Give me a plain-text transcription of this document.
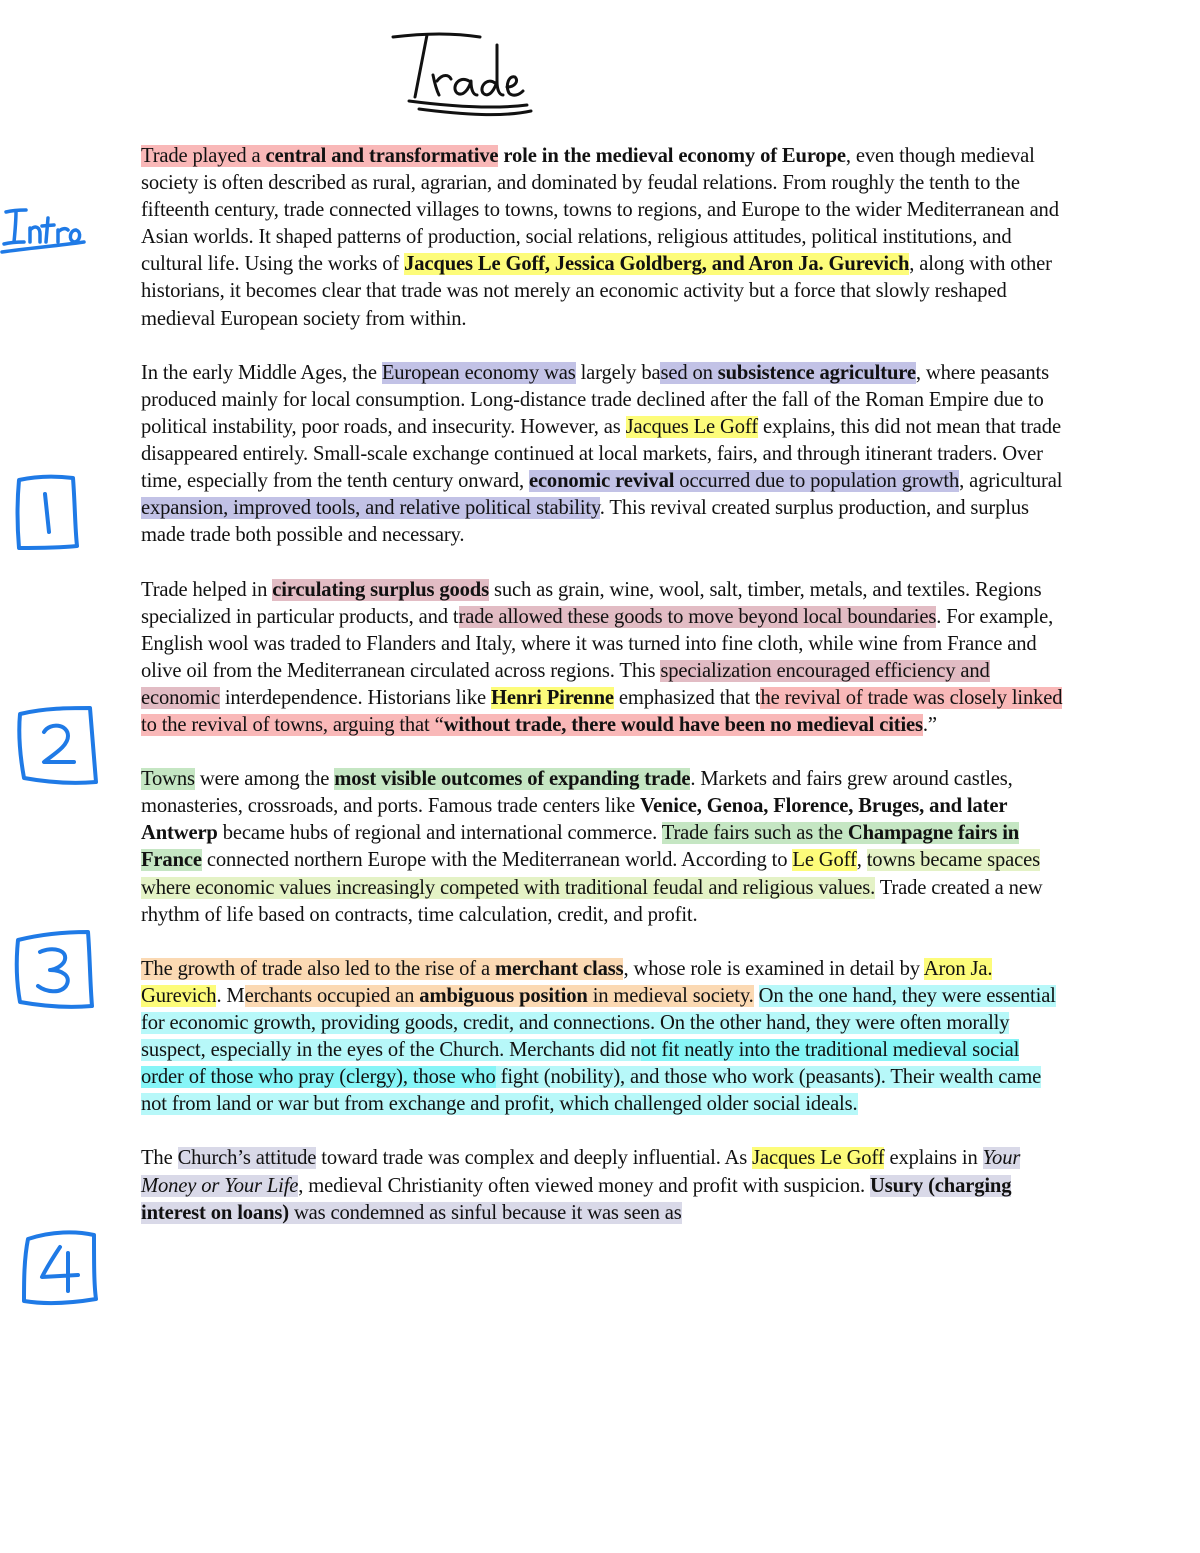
Trade
Intro
1
2
3
4

Trade played a central and transformative role in the medieval economy of Europe, even though medieval society is often described as rural, agrarian, and dominated by feudal relations. From roughly the tenth to the fifteenth century, trade connected villages to towns, towns to regions, and Europe to the wider Mediterranean and Asian worlds. It shaped patterns of production, social relations, religious attitudes, political institutions, and cultural life. Using the works of Jacques Le Goff, Jessica Goldberg, and Aron Ja. Gurevich, along with other historians, it becomes clear that trade was not merely an economic activity but a force that slowly reshaped medieval European society from within.

In the early Middle Ages, the European economy was largely based on subsistence agriculture, where peasants produced mainly for local consumption. Long-distance trade declined after the fall of the Roman Empire due to political instability, poor roads, and insecurity. However, as Jacques Le Goff explains, this did not mean that trade disappeared entirely. Small-scale exchange continued at local markets, fairs, and through itinerant traders. Over time, especially from the tenth century onward, economic revival occurred due to population growth, agricultural expansion, improved tools, and relative political stability. This revival created surplus production, and surplus made trade both possible and necessary.

Trade helped in circulating surplus goods such as grain, wine, wool, salt, timber, metals, and textiles. Regions specialized in particular products, and trade allowed these goods to move beyond local boundaries. For example, English wool was traded to Flanders and Italy, where it was turned into fine cloth, while wine from France and olive oil from the Mediterranean circulated across regions. This specialization encouraged efficiency and economic interdependence. Historians like Henri Pirenne emphasized that the revival of trade was closely linked to the revival of towns, arguing that “without trade, there would have been no medieval cities.”

Towns were among the most visible outcomes of expanding trade. Markets and fairs grew around castles, monasteries, crossroads, and ports. Famous trade centers like Venice, Genoa, Florence, Bruges, and later Antwerp became hubs of regional and international commerce. Trade fairs such as the Champagne fairs in France connected northern Europe with the Mediterranean world. According to Le Goff, towns became spaces where economic values increasingly competed with traditional feudal and religious values. Trade created a new rhythm of life based on contracts, time calculation, credit, and profit.

The growth of trade also led to the rise of a merchant class, whose role is examined in detail by Aron Ja. Gurevich. Merchants occupied an ambiguous position in medieval society. On the one hand, they were essential for economic growth, providing goods, credit, and connections. On the other hand, they were often morally suspect, especially in the eyes of the Church. Merchants did not fit neatly into the traditional medieval social order of those who pray (clergy), those who fight (nobility), and those who work (peasants). Their wealth came not from land or war but from exchange and profit, which challenged older social ideals.

The Church’s attitude toward trade was complex and deeply influential. As Jacques Le Goff explains in Your Money or Your Life, medieval Christianity often viewed money and profit with suspicion. Usury (charging interest on loans) was condemned as sinful because it was seen as
